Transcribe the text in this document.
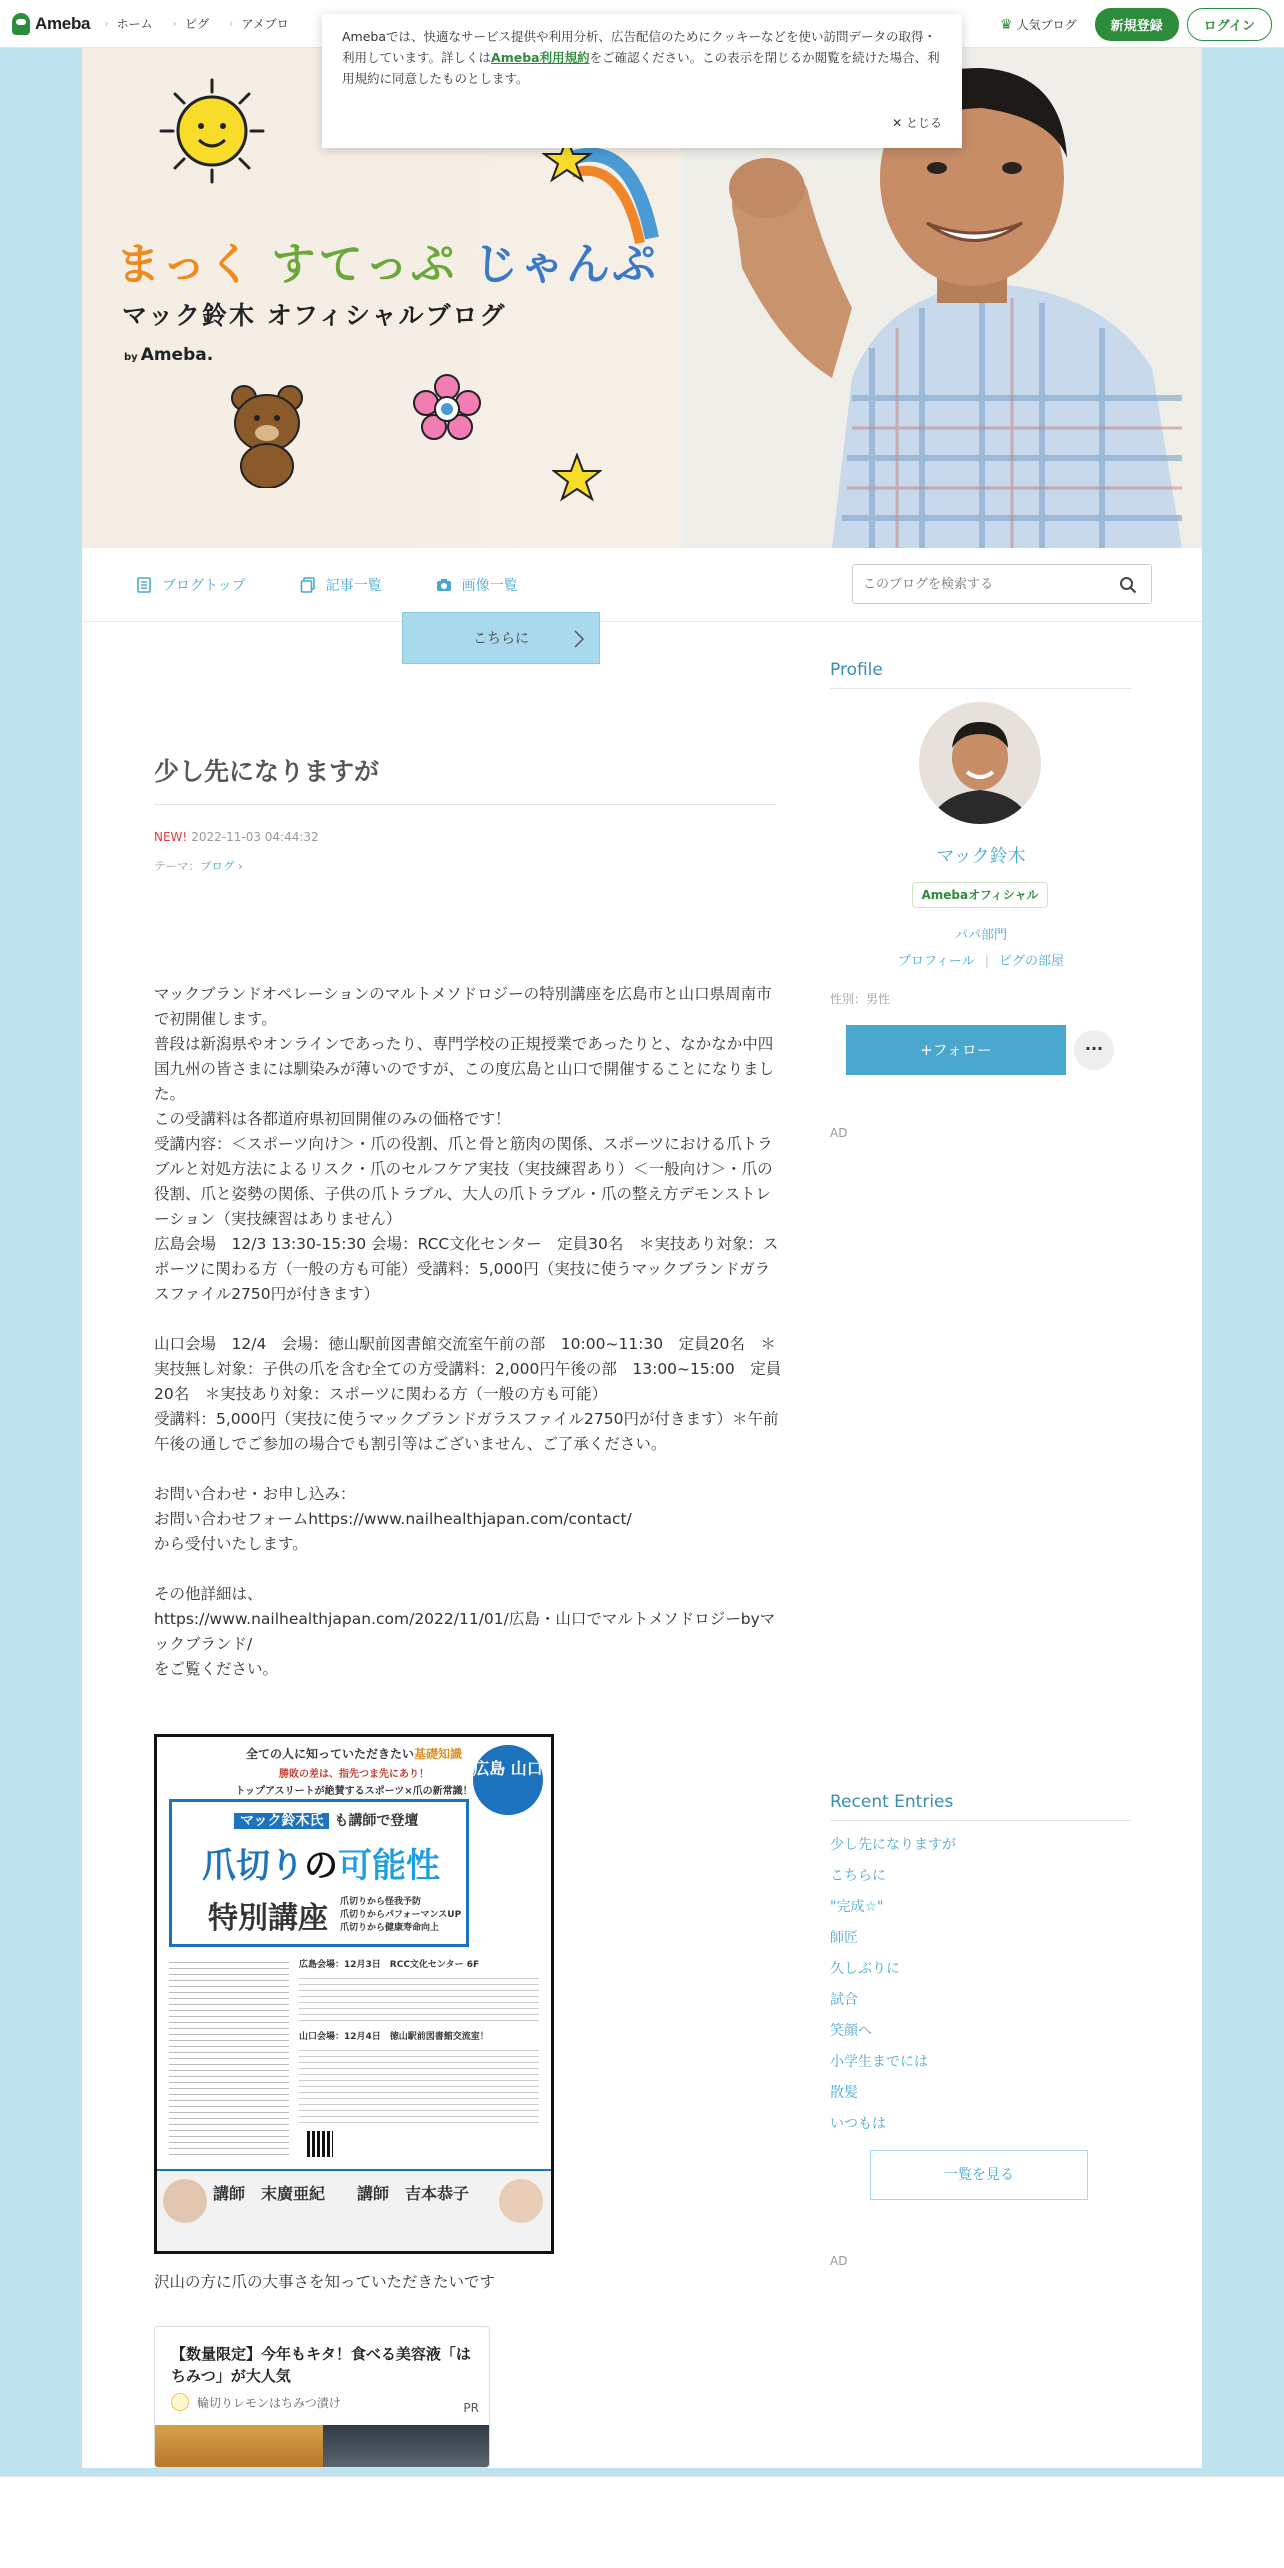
Ameba › ホーム › ピグ › アメブロ	♛ 人気ブログ	新規登録	ログイン
Amebaでは、快適なサービス提供や利用分析、広告配信のためにクッキーなどを使い訪問データの取得・利用しています。詳しくはAmeba利用規約をご確認ください。この表示を閉じるか閲覧を続けた場合、利用規約に同意したものとします。
✕ とじる
まっく すてっぷ じゃんぷ
マック鈴木 オフィシャルブログ
by Ameba.
ブログトップ	記事一覧	画像一覧
このブログを検索する
こちらに
少し先になりますが
NEW! 2022-11-03 04:44:32
テーマ：ブログ ›

マックブランドオペレーションのマルトメソドロジーの特別講座を広島市と山口県周南市で初開催します。

普段は新潟県やオンラインであったり、専門学校の正規授業であったりと、なかなか中四国九州の皆さまには馴染みが薄いのですが、この度広島と山口で開催することになりました。

この受講料は各都道府県初回開催のみの価格です！

受講内容：＜スポーツ向け＞・爪の役割、爪と骨と筋肉の関係、スポーツにおける爪トラブルと対処方法によるリスク・爪のセルフケア実技（実技練習あり）＜一般向け＞・爪の役割、爪と姿勢の関係、子供の爪トラブル、大人の爪トラブル・爪の整え方デモンストレーション（実技練習はありません）

広島会場　12/3 13:30-15:30 会場：RCC文化センター　定員30名　＊実技あり対象：スポーツに関わる方（一般の方も可能）受講料：5,000円（実技に使うマックブランドガラスファイル2750円が付きます）

山口会場　12/4　会場：徳山駅前図書館交流室午前の部　10:00~11:30　定員20名　＊実技無し対象：子供の爪を含む全ての方受講料：2,000円午後の部　13:00~15:00　定員20名　＊実技あり対象：スポーツに関わる方（一般の方も可能）

受講料：5,000円（実技に使うマックブランドガラスファイル2750円が付きます）＊午前午後の通しでご参加の場合でも割引等はございません、ご了承ください。

お問い合わせ・お申し込み：

お問い合わせフォームhttps://www.nailhealthjapan.com/contact/

から受付いたします。

その他詳細は、

https://www.nailhealthjapan.com/2022/11/01/広島・山口でマルトメソドロジーbyマックブランド/

をご覧ください。

全ての人に知っていただきたい基礎知識
勝敗の差は、指先つま先にあり！
トップアスリートが絶賛するスポーツ×爪の新常識！
広島 山口
マック鈴木氏 も講師で登壇
爪切りの可能性
特別講座 爪切りから怪我予防
爪切りからパフォーマンスUP
爪切りから健康寿命向上
広島会場：12月3日　RCC文化センター 6F
山口会場：12月4日　徳山駅前図書館交流室！
講師　末廣亜紀 講師　吉本恭子
沢山の方に爪の大事さを知っていただきたいです
【数量限定】今年もキタ！食べる美容液「はちみつ」が大人気
輪切りレモンはちみつ漬け	PR
Profile
マック鈴木
Amebaオフィシャル
パパ部門
プロフィール | ピグの部屋
性別：男性
+フォロー	···
AD
Recent Entries
少し先になりますが
こちらに
"完成☆"
師匠
久しぶりに
試合
笑顔へ
小学生までには
散髪
いつもは
一覧を見る
AD
